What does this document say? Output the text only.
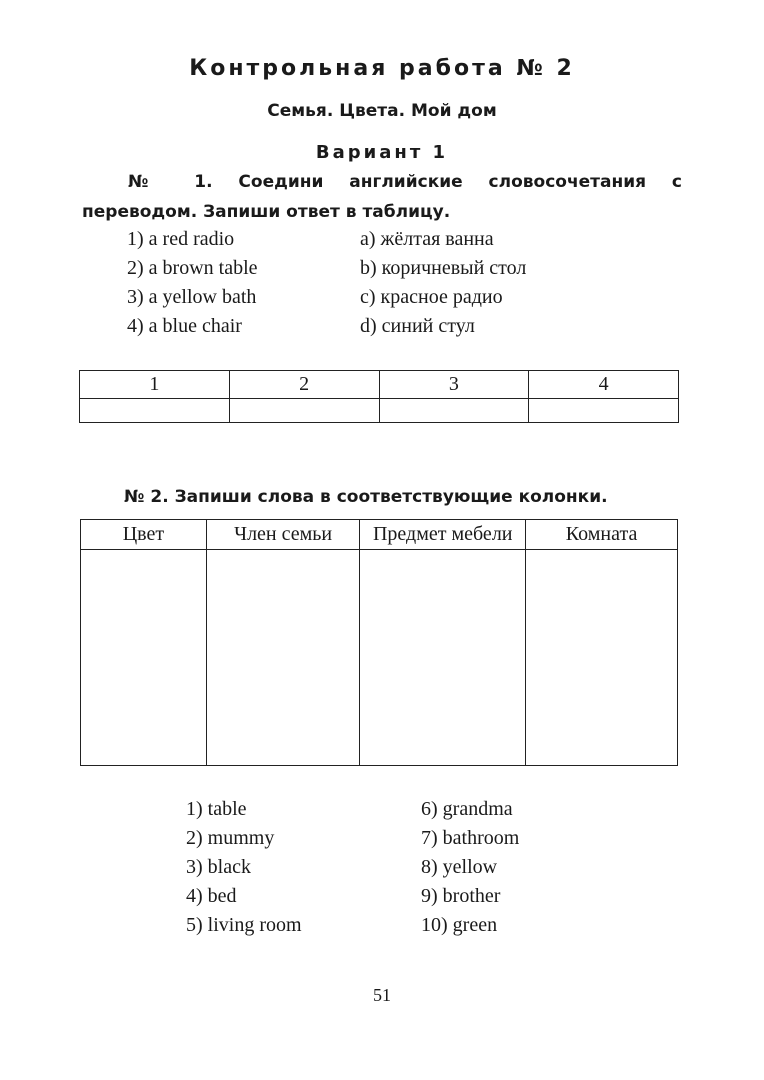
Контрольная работа № 2
Семья. Цвета. Мой дом
Вариант 1
№ 1. Соедини английские словосочетания с переводом. Запиши ответ в таблицу.
1) a red radio
2) a brown table
3) a yellow bath
4) a blue chair
a) жёлтая ванна
b) коричневый стол
c) красное радио
d) синий стул
1	2	3	4

№ 2. Запиши слова в соответствующие колонки.
Цвет	Член семьи	Предмет мебели	Комната

1) table
2) mummy
3) black
4) bed
5) living room
6) grandma
7) bathroom
8) yellow
9) brother
10) green
51
